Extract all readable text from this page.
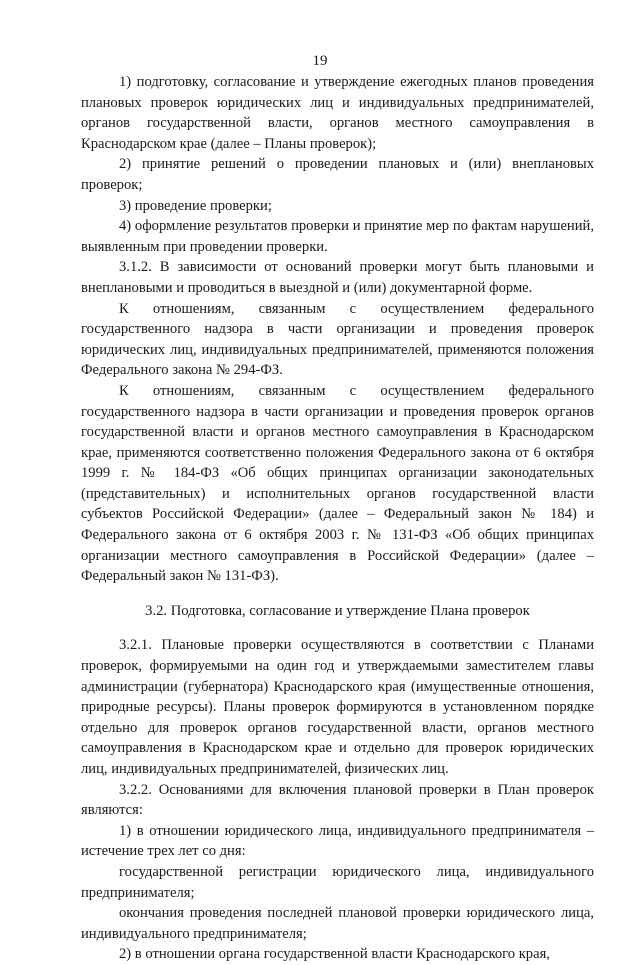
19

1) подготовку, согласование и утверждение ежегодных планов проведения плановых проверок юридических лиц и индивидуальных предпринимателей, органов государственной власти, органов местного самоуправления в Краснодарском крае (далее – Планы проверок);

2) принятие решений о проведении плановых и (или) внеплановых проверок;

3) проведение проверки;

4) оформление результатов проверки и принятие мер по фактам нарушений, выявленным при проведении проверки.

3.1.2. В зависимости от оснований проверки могут быть плановыми и внеплановыми и проводиться в выездной и (или) документарной форме.

К отношениям, связанным с осуществлением федерального государственного надзора в части организации и проведения проверок юридических лиц, индивидуальных предпринимателей, применяются положения Федерального закона № 294-ФЗ.

К отношениям, связанным с осуществлением федерального государственного надзора в части организации и проведения проверок органов государственной власти и органов местного самоуправления в Краснодарском крае, применяются соответственно положения Федерального закона от 6 октября 1999 г. № 184-ФЗ «Об общих принципах организации законодательных (представительных) и исполнительных органов государственной власти субъектов Российской Федерации» (далее – Федеральный закон № 184) и Федерального закона от 6 октября 2003 г. № 131-ФЗ «Об общих принципах организации местного самоуправления в Российской Федерации» (далее – Федеральный закон № 131-ФЗ).

3.2. Подготовка, согласование и утверждение Плана проверок

3.2.1. Плановые проверки осуществляются в соответствии с Планами проверок, формируемыми на один год и утверждаемыми заместителем главы администрации (губернатора) Краснодарского края (имущественные отношения, природные ресурсы). Планы проверок формируются в установленном порядке отдельно для проверок органов государственной власти, органов местного самоуправления в Краснодарском крае и отдельно для проверок юридических лиц, индивидуальных предпринимателей, физических лиц.

3.2.2. Основаниями для включения плановой проверки в План проверок являются:

1) в отношении юридического лица, индивидуального предпринимателя – истечение трех лет со дня:

государственной регистрации юридического лица, индивидуального предпринимателя;

окончания проведения последней плановой проверки юридического лица, индивидуального предпринимателя;

2) в отношении органа государственной власти Краснодарского края,
